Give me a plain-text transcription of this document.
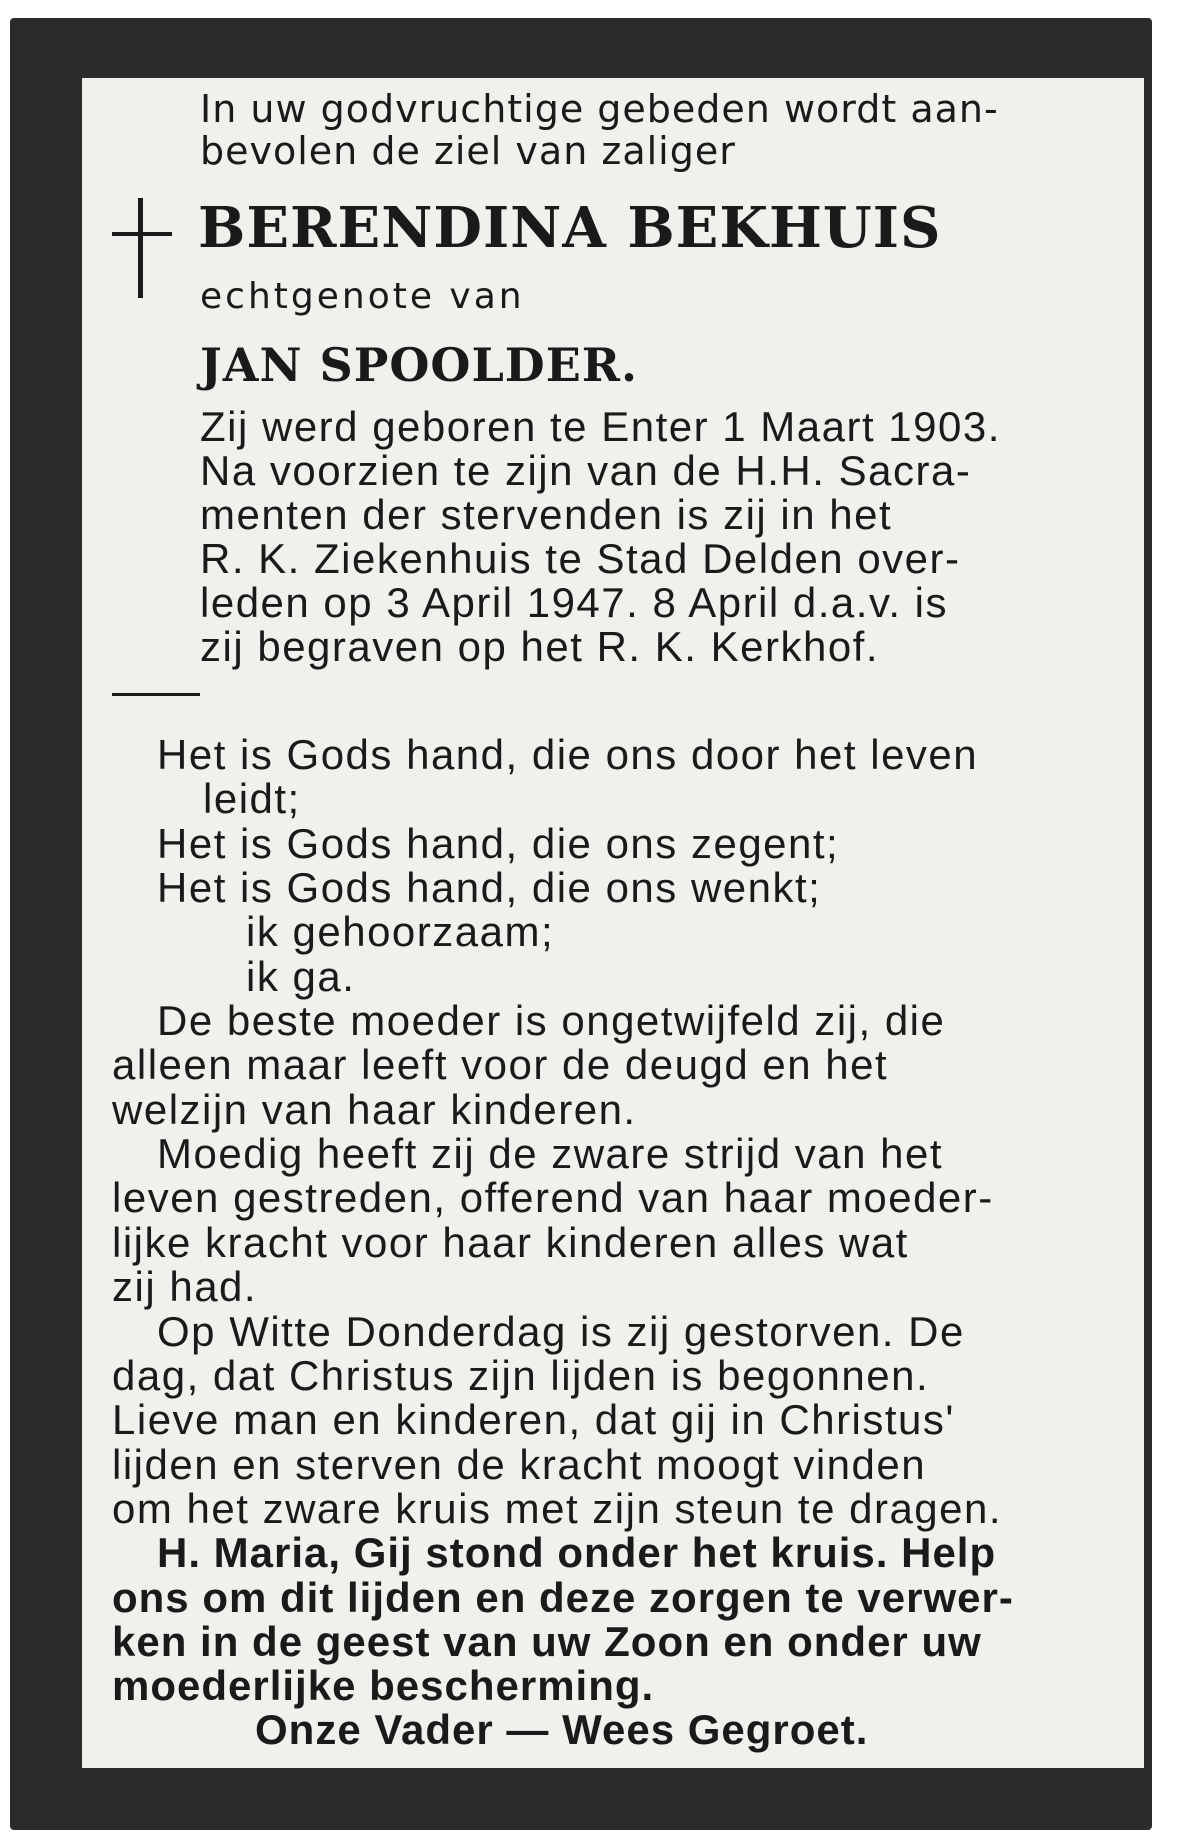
In uw godvruchtige gebeden wordt aan-

bevolen de ziel van zaliger

BERENDINA BEKHUIS

echtgenote van

JAN SPOOLDER.

Zij werd geboren te Enter 1 Maart 1903.

Na voorzien te zijn van de H.H. Sacra-

menten der stervenden is zij in het

R. K. Ziekenhuis te Stad Delden over-

leden op 3 April 1947. 8 April d.a.v. is

zij begraven op het R. K. Kerkhof.

Het is Gods hand, die ons door het leven

leidt;

Het is Gods hand, die ons zegent;

Het is Gods hand, die ons wenkt;

ik gehoorzaam;

ik ga.

De beste moeder is ongetwijfeld zij, die

alleen maar leeft voor de deugd en het

welzijn van haar kinderen.

Moedig heeft zij de zware strijd van het

leven gestreden, offerend van haar moeder-

lijke kracht voor haar kinderen alles wat

zij had.

Op Witte Donderdag is zij gestorven. De

dag, dat Christus zijn lijden is begonnen.

Lieve man en kinderen, dat gij in Christus'

lijden en sterven de kracht moogt vinden

om het zware kruis met zijn steun te dragen.

H. Maria, Gij stond onder het kruis. Help

ons om dit lijden en deze zorgen te verwer-

ken in de geest van uw Zoon en onder uw

moederlijke bescherming.

Onze Vader — Wees Gegroet.
